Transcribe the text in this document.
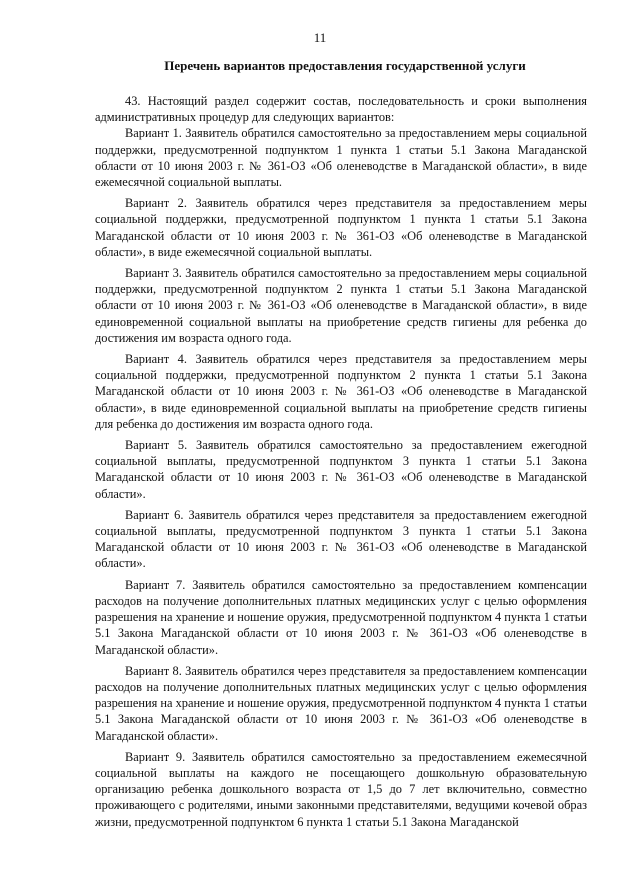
11
Перечень вариантов предоставления государственной услуги

43. Настоящий раздел содержит состав, последовательность и сроки выполнения административных процедур для следующих вариантов:

Вариант 1. Заявитель обратился самостоятельно за предоставлением меры социальной поддержки, предусмотренной подпунктом 1 пункта 1 статьи 5.1 Закона Магаданской области от 10 июня 2003 г. № 361-ОЗ «Об оленеводстве в Магаданской области», в виде ежемесячной социальной выплаты.

Вариант 2. Заявитель обратился через представителя за предоставлением меры социальной поддержки, предусмотренной подпунктом 1 пункта 1 статьи 5.1 Закона Магаданской области от 10 июня 2003 г. № 361-ОЗ «Об оленеводстве в Магаданской области», в виде ежемесячной социальной выплаты.

Вариант 3. Заявитель обратился самостоятельно за предоставлением меры социальной поддержки, предусмотренной подпунктом 2 пункта 1 статьи 5.1 Закона Магаданской области от 10 июня 2003 г. № 361-ОЗ «Об оленеводстве в Магаданской области», в виде единовременной социальной выплаты на приобретение средств гигиены для ребенка до достижения им возраста одного года.

Вариант 4. Заявитель обратился через представителя за предоставлением меры социальной поддержки, предусмотренной подпунктом 2 пункта 1 статьи 5.1 Закона Магаданской области от 10 июня 2003 г. № 361-ОЗ «Об оленеводстве в Магаданской области», в виде единовременной социальной выплаты на приобретение средств гигиены для ребенка до достижения им возраста одного года.

Вариант 5. Заявитель обратился самостоятельно за предоставлением ежегодной социальной выплаты, предусмотренной подпунктом 3 пункта 1 статьи 5.1 Закона Магаданской области от 10 июня 2003 г. № 361-ОЗ «Об оленеводстве в Магаданской области».

Вариант 6. Заявитель обратился через представителя за предоставлением ежегодной социальной выплаты, предусмотренной подпунктом 3 пункта 1 статьи 5.1 Закона Магаданской области от 10 июня 2003 г. № 361-ОЗ «Об оленеводстве в Магаданской области».

Вариант 7. Заявитель обратился самостоятельно за предоставлением компенсации расходов на получение дополнительных платных медицинских услуг с целью оформления разрешения на хранение и ношение оружия, предусмотренной подпунктом 4 пункта 1 статьи 5.1 Закона Магаданской области от 10 июня 2003 г. № 361-ОЗ «Об оленеводстве в Магаданской области».

Вариант 8. Заявитель обратился через представителя за предоставлением компенсации расходов на получение дополнительных платных медицинских услуг с целью оформления разрешения на хранение и ношение оружия, предусмотренной подпунктом 4 пункта 1 статьи 5.1 Закона Магаданской области от 10 июня 2003 г. № 361-ОЗ «Об оленеводстве в Магаданской области».

Вариант 9. Заявитель обратился самостоятельно за предоставлением ежемесячной социальной выплаты на каждого не посещающего дошкольную образовательную организацию ребенка дошкольного возраста от 1,5 до 7 лет включительно, совместно проживающего с родителями, иными законными представителями, ведущими кочевой образ жизни, предусмотренной подпунктом 6 пункта 1 статьи 5.1 Закона Магаданской
